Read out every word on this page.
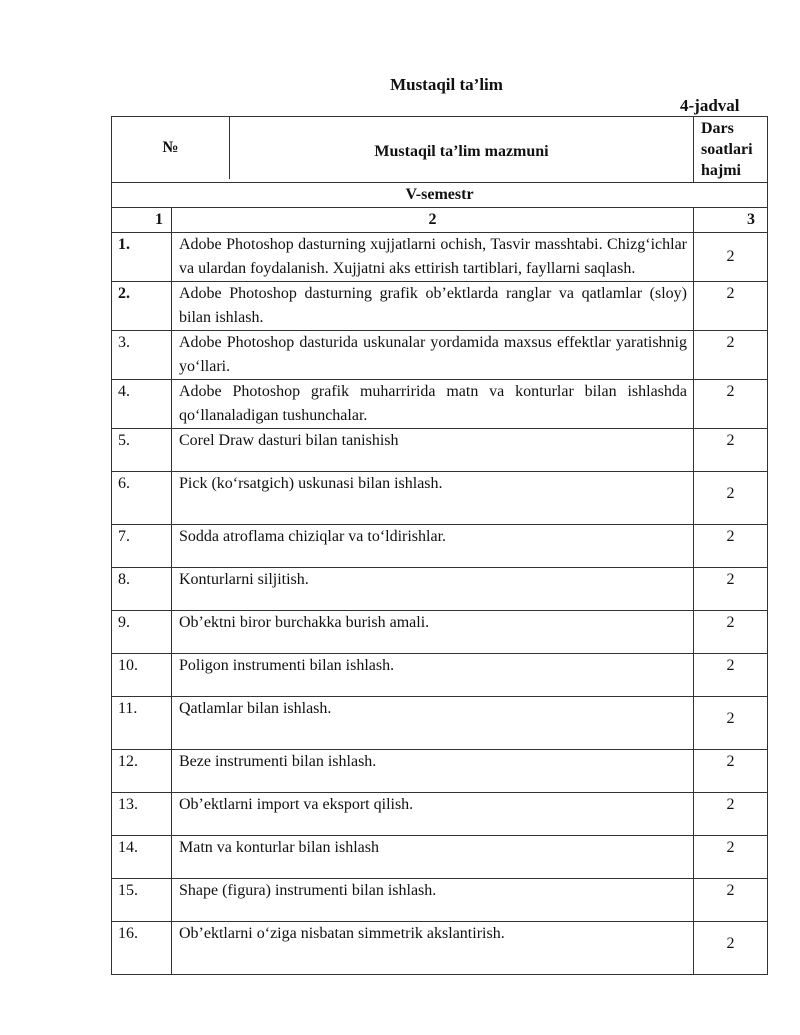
Mustaqil ta’lim
4-jadval
№ Mustaqil ta’lim mazmuni		Dars soatlari hajmi
V-semestr		
1	2	3
1.	Adobe Photoshop dasturning xujjatlarni ochish, Tasvir masshtabi. Chizg‘ichlar va ulardan foydalanish. Xujjatni aks ettirish tartiblari, fayllarni saqlash.	2
2.	Adobe Photoshop dasturning grafik ob’ektlarda ranglar va qatlamlar (sloy) bilan ishlash.	2
3.	Adobe Photoshop dasturida uskunalar yordamida maxsus effektlar yaratishnig yo‘llari.	2
4.	Adobe Photoshop grafik muharririda matn va konturlar bilan ishlashda qo‘llanaladigan tushunchalar.	2
5.	Corel Draw dasturi bilan tanishish	2
6.	Pick (ko‘rsatgich) uskunasi bilan ishlash.	2
7.	Sodda atroflama chiziqlar va to‘ldirishlar.	2
8.	Konturlarni siljitish.	2
9.	Ob’ektni biror burchakka burish amali.	2
10.	Poligon instrumenti bilan ishlash.	2
11.	Qatlamlar bilan ishlash.	2
12.	Beze instrumenti bilan ishlash.	2
13.	Ob’ektlarni import va eksport qilish.	2
14.	Matn va konturlar bilan ishlash	2
15.	Shape (figura) instrumenti bilan ishlash.	2
16.	Ob’ektlarni o‘ziga nisbatan simmetrik akslantirish.	2
